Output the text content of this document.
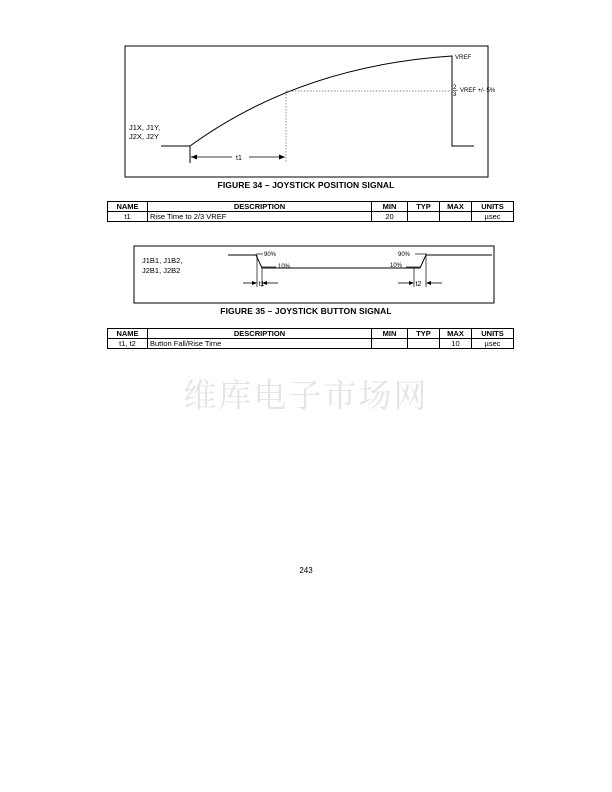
J1X, J1Y,
J2X, J2Y
VREF
2
3
VREF +/- 5%
t1
FIGURE 34 – JOYSTICK POSITION SIGNAL
NAME	DESCRIPTION	MIN	TYP	MAX	UNITS
t1	Rise Time to 2/3 VREF	20			µsec
J1B1, J1B2,
J2B1, J2B2
90%
10%
90%
10%
t1	t2
FIGURE 35 – JOYSTICK BUTTON SIGNAL
NAME	DESCRIPTION	MIN	TYP	MAX	UNITS
t1, t2	Button Fall/Rise Time			10	µsec
维库电子市场网
243
